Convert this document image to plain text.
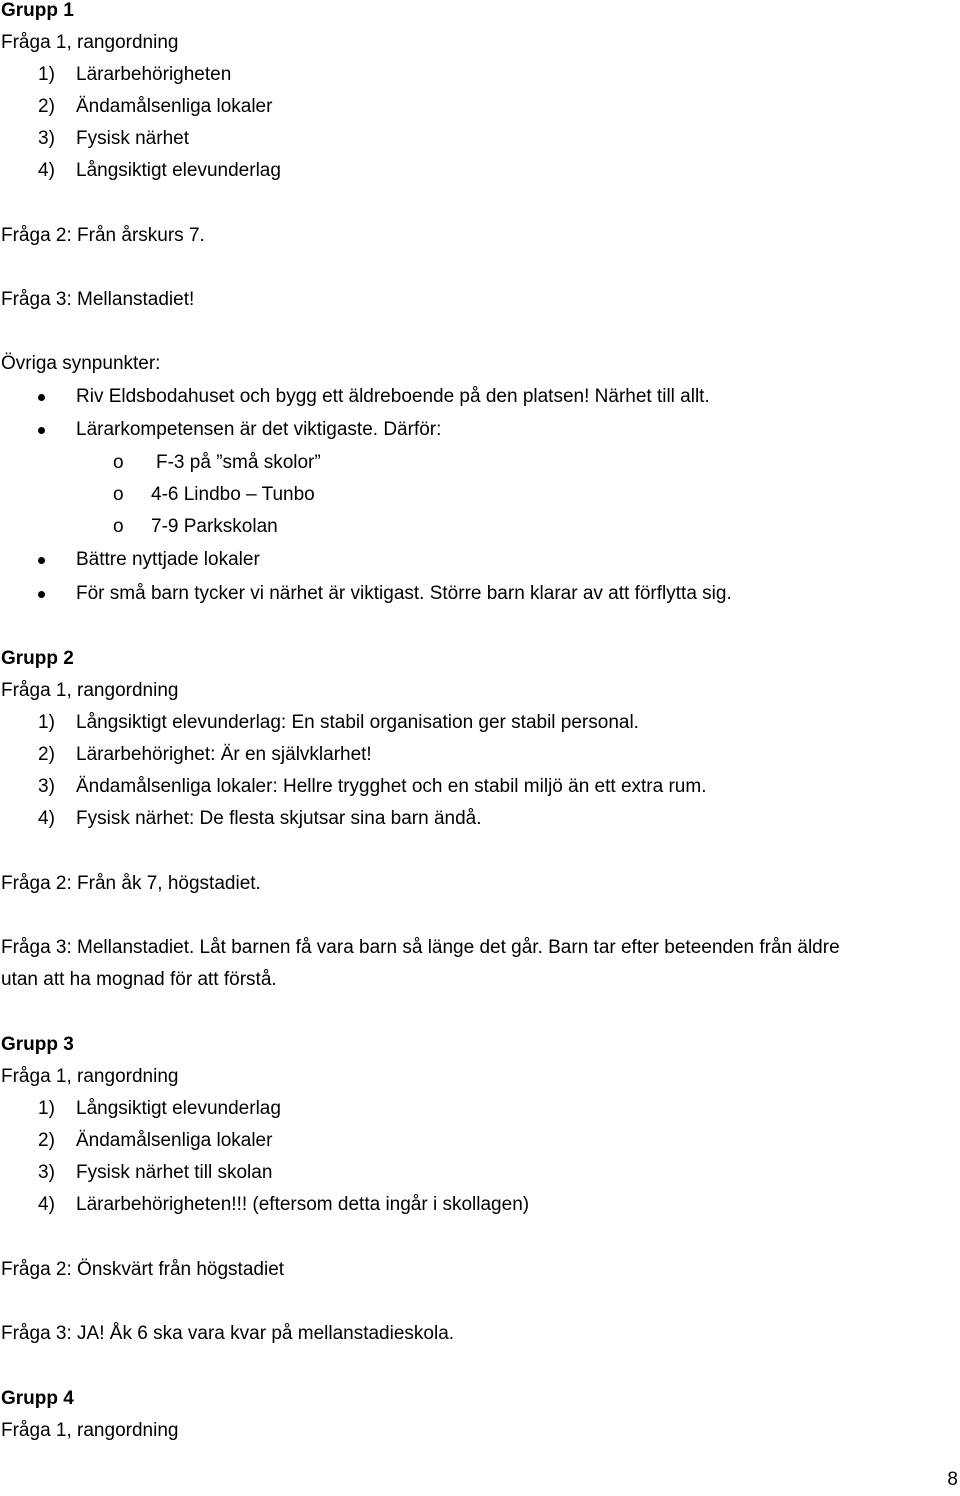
Grupp 1
Fråga 1, rangordning
1) Lärarbehörigheten
2) Ändamålsenliga lokaler
3) Fysisk närhet
4) Långsiktigt elevunderlag
Fråga 2: Från årskurs 7.
Fråga 3: Mellanstadiet!
Övriga synpunkter:
Riv Eldsbodahuset och bygg ett äldreboende på den platsen! Närhet till allt.
Lärarkompetensen är det viktigaste. Därför:
o F-3 på ”små skolor”
o 4-6 Lindbo – Tunbo
o 7-9 Parkskolan
Bättre nyttjade lokaler
För små barn tycker vi närhet är viktigast. Större barn klarar av att förflytta sig.
Grupp 2
Fråga 1, rangordning
1) Långsiktigt elevunderlag: En stabil organisation ger stabil personal.
2) Lärarbehörighet: Är en självklarhet!
3) Ändamålsenliga lokaler: Hellre trygghet och en stabil miljö än ett extra rum.
4) Fysisk närhet: De flesta skjutsar sina barn ändå.
Fråga 2: Från åk 7, högstadiet.
Fråga 3: Mellanstadiet. Låt barnen få vara barn så länge det går. Barn tar efter beteenden från äldre
utan att ha mognad för att förstå.
Grupp 3
Fråga 1, rangordning
1) Långsiktigt elevunderlag
2) Ändamålsenliga lokaler
3) Fysisk närhet till skolan
4) Lärarbehörigheten!!! (eftersom detta ingår i skollagen)
Fråga 2: Önskvärt från högstadiet
Fråga 3: JA! Åk 6 ska vara kvar på mellanstadieskola.
Grupp 4
Fråga 1, rangordning
8
